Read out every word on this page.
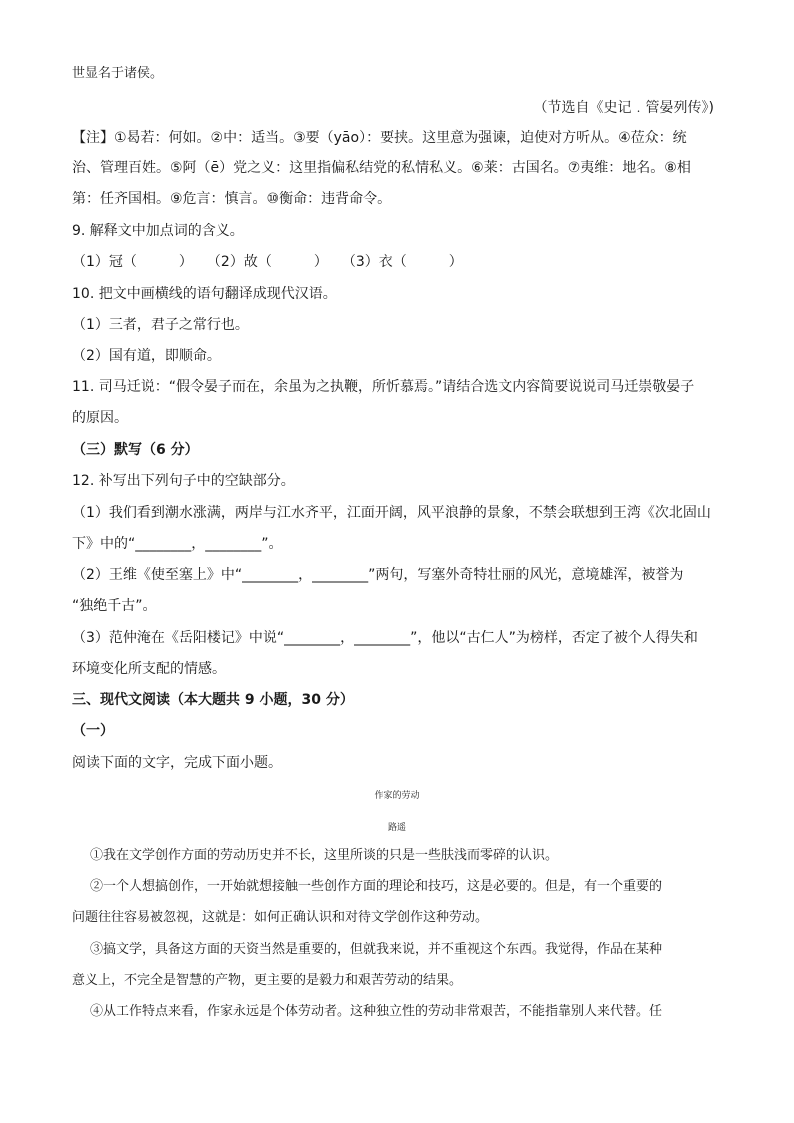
世显名于诸侯。
（节选自《史记﹒管晏列传》)
【注】①曷若：何如。②中：适当。③要（yāo）：要挟。这里意为强谏，迫使对方听从。④莅众：统
治、管理百姓。⑤阿（ē）党之义：这里指偏私结党的私情私义。⑥莱：古国名。⑦夷维：地名。⑧相
第：任齐国相。⑨危言：慎言。⑩衡命：违背命令。
9. 解释文中加点词的含义。
（1）冠（　　　）　　（2）故（　　　）　　（3）衣（　　　）
10. 把文中画横线的语句翻译成现代汉语。
（1）三者，君子之常行也。
（2）国有道，即顺命。
11. 司马迁说：“假令晏子而在，余虽为之执鞭，所忻慕焉。”请结合选文内容简要说说司马迁崇敬晏子
的原因。
（三）默写（6 分）
12. 补写出下列句子中的空缺部分。
（1）我们看到潮水涨满，两岸与江水齐平，江面开阔，风平浪静的景象，不禁会联想到王湾《次北固山
下》中的“________，________”。
（2）王维《使至塞上》中“________，________”两句，写塞外奇特壮丽的风光，意境雄浑，被誉为
“独绝千古”。
（3）范仲淹在《岳阳楼记》中说“________，________”，他以“古仁人”为榜样，否定了被个人得失和
环境变化所支配的情感。
三、现代文阅读（本大题共 9 小题，30 分）
（一）
阅读下面的文字，完成下面小题。
作家的劳动
路遥
①我在文学创作方面的劳动历史并不长，这里所谈的只是一些肤浅而零碎的认识。
②一个人想搞创作，一开始就想接触一些创作方面的理论和技巧，这是必要的。但是，有一个重要的
问题往往容易被忽视，这就是：如何正确认识和对待文学创作这种劳动。
③搞文学，具备这方面的天资当然是重要的，但就我来说，并不重视这个东西。我觉得，作品在某种
意义上，不完全是智慧的产物，更主要的是毅力和艰苦劳动的结果。
④从工作特点来看，作家永远是个体劳动者。这种独立性的劳动非常艰苦，不能指靠别人来代替。任
